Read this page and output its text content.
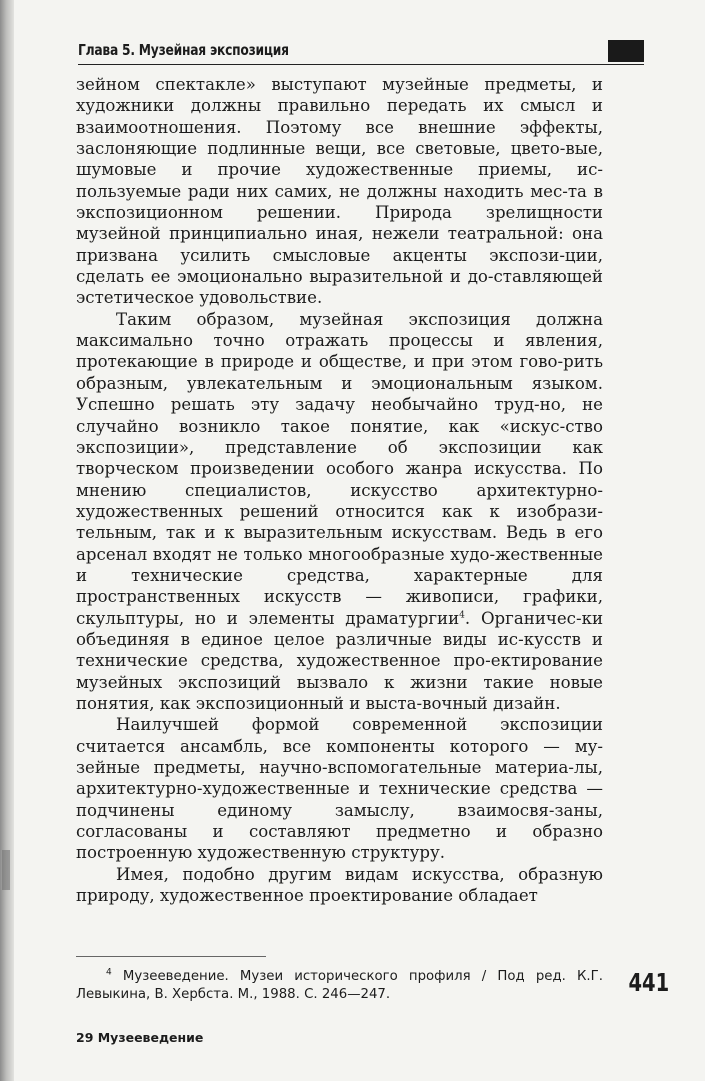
Глава 5. Музейная экспозиция

зейном спектакле» выступают музейные предметы, и художники должны правильно передать их смысл и взаимоотношения. Поэтому все внешние эффекты, заслоняющие подлинные вещи, все световые, цвето-вые, шумовые и прочие художественные приемы, ис-пользуемые ради них самих, не должны находить мес-та в экспозиционном решении. Природа зрелищности музейной принципиально иная, нежели театральной: она призвана усилить смысловые акценты экспози-ции, сделать ее эмоционально выразительной и до-ставляющей эстетическое удовольствие.

Таким образом, музейная экспозиция должна максимально точно отражать процессы и явления, протекающие в природе и обществе, и при этом гово-рить образным, увлекательным и эмоциональным языком. Успешно решать эту задачу необычайно труд-но, не случайно возникло такое понятие, как «искус-ство экспозиции», представление об экспозиции как творческом произведении особого жанра искусства. По мнению специалистов, искусство архитектурно-художественных решений относится как к изобрази-тельным, так и к выразительным искусствам. Ведь в его арсенал входят не только многообразные худо-жественные и технические средства, характерные для пространственных искусств — живописи, графики, скульптуры, но и элементы драматургии$^4$. Органичес-ки объединяя в единое целое различные виды ис-кусств и технические средства, художественное про-ектирование музейных экспозиций вызвало к жизни такие новые понятия, как экспозиционный и выста-вочный дизайн.

Наилучшей формой современной экспозиции считается ансамбль, все компоненты которого — му-зейные предметы, научно-вспомогательные материа-лы, архитектурно-художественные и технические средства — подчинены единому замыслу, взаимосвя-заны, согласованы и составляют предметно и образно построенную художественную структуру.

Имея, подобно другим видам искусства, образную природу, художественное проектирование обладает

$^4$ Музееведение. Музеи исторического профиля / Под ред. К.Г. Левыкина, В. Хербста. М., 1988. С. 246—247.	441
29 Музееведение
